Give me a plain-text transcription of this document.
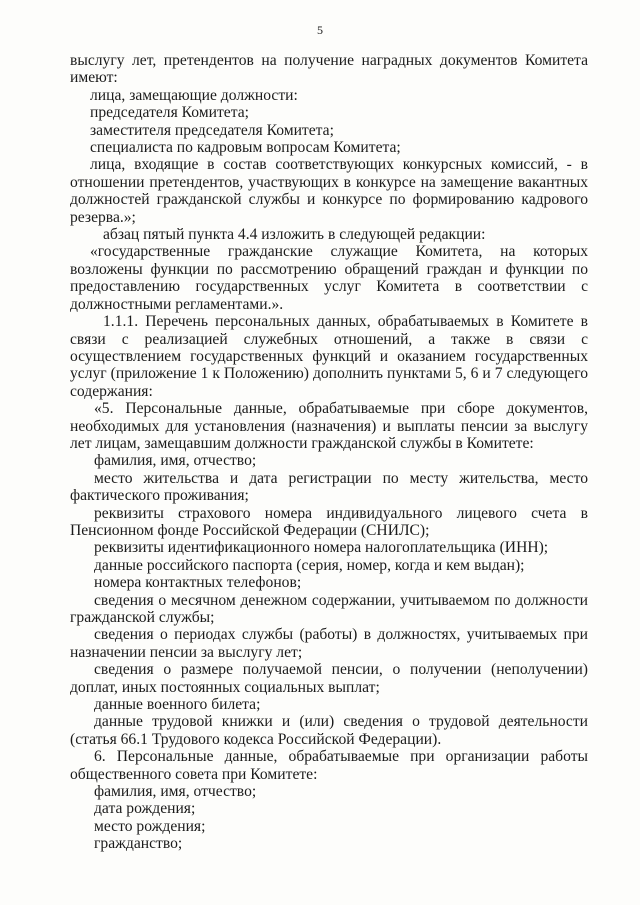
5

выслугу лет, претендентов на получение наградных документов Комитета имеют:

лица, замещающие должности:

председателя Комитета;

заместителя председателя Комитета;

специалиста по кадровым вопросам Комитета;

лица, входящие в состав соответствующих конкурсных комиссий, - в отношении претендентов, участвующих в конкурсе на замещение вакантных должностей гражданской службы и конкурсе по формированию кадрового резерва.»;

абзац пятый пункта 4.4 изложить в следующей редакции:

«государственные гражданские служащие Комитета, на которых возложены функции по рассмотрению обращений граждан и функции по предоставлению государственных услуг Комитета в соответствии с должностными регламентами.».

1.1.1. Перечень персональных данных, обрабатываемых в Комитете в связи с реализацией служебных отношений, а также в связи с осуществлением государственных функций и оказанием государственных услуг (приложение 1 к Положению) дополнить пунктами 5, 6 и 7 следующего содержания:

«5. Персональные данные, обрабатываемые при сборе документов, необходимых для установления (назначения) и выплаты пенсии за выслугу лет лицам, замещавшим должности гражданской службы в Комитете:

фамилия, имя, отчество;

место жительства и дата регистрации по месту жительства, место фактического проживания;

реквизиты страхового номера индивидуального лицевого счета в Пенсионном фонде Российской Федерации (СНИЛС);

реквизиты идентификационного номера налогоплательщика (ИНН);

данные российского паспорта (серия, номер, когда и кем выдан);

номера контактных телефонов;

сведения о месячном денежном содержании, учитываемом по должности гражданской службы;

сведения о периодах службы (работы) в должностях, учитываемых при назначении пенсии за выслугу лет;

сведения о размере получаемой пенсии, о получении (неполучении) доплат, иных постоянных социальных выплат;

данные военного билета;

данные трудовой книжки и (или) сведения о трудовой деятельности (статья 66.1 Трудового кодекса Российской Федерации).

6. Персональные данные, обрабатываемые при организации работы общественного совета при Комитете:

фамилия, имя, отчество;

дата рождения;

место рождения;

гражданство;
